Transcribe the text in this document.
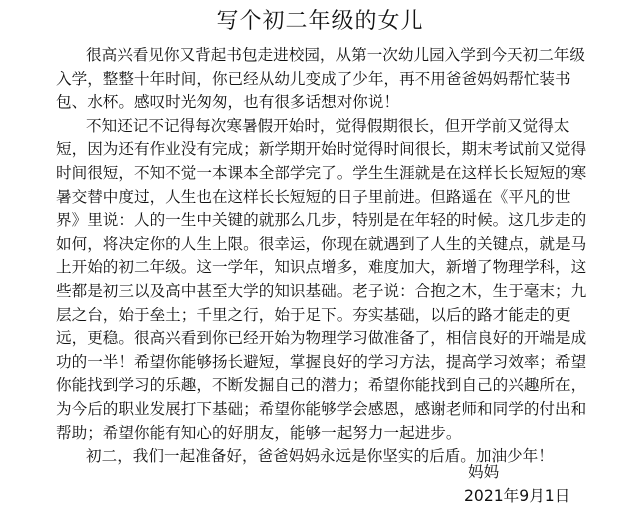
写个初二年级的女儿
很高兴看见你又背起书包走进校园，从第一次幼儿园入学到今天初二年级
入学，整整十年时间，你已经从幼儿变成了少年，再不用爸爸妈妈帮忙装书
包、水杯。感叹时光匆匆，也有很多话想对你说！
不知还记不记得每次寒暑假开始时，觉得假期很长，但开学前又觉得太
短，因为还有作业没有完成；新学期开始时觉得时间很长，期末考试前又觉得
时间很短，不知不觉一本课本全部学完了。学生生涯就是在这样长长短短的寒
暑交替中度过，人生也在这样长长短短的日子里前进。但路遥在《平凡的世
界》里说：人的一生中关键的就那么几步，特别是在年轻的时候。这几步走的
如何，将决定你的人生上限。很幸运，你现在就遇到了人生的关键点，就是马
上开始的初二年级。这一学年，知识点增多，难度加大，新增了物理学科，这
些都是初三以及高中甚至大学的知识基础。老子说：合抱之木，生于毫末；九
层之台，始于垒土；千里之行，始于足下。夯实基础，以后的路才能走的更
远，更稳。很高兴看到你已经开始为物理学习做准备了，相信良好的开端是成
功的一半！希望你能够扬长避短，掌握良好的学习方法，提高学习效率；希望
你能找到学习的乐趣，不断发掘自己的潜力；希望你能找到自己的兴趣所在，
为今后的职业发展打下基础；希望你能够学会感恩，感谢老师和同学的付出和
帮助；希望你能有知心的好朋友，能够一起努力一起进步。
初二，我们一起准备好，爸爸妈妈永远是你坚实的后盾。加油少年！
妈妈
2021年9月1日
